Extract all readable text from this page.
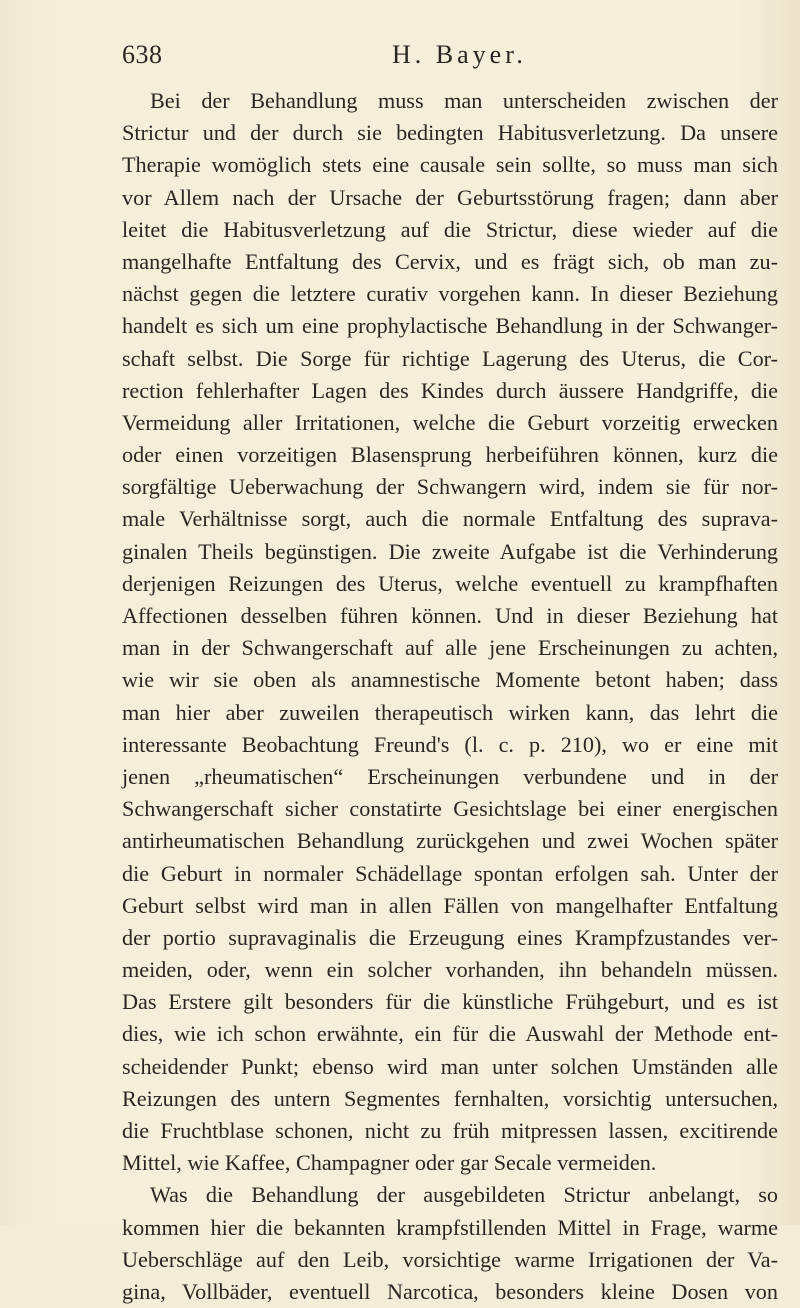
638	H. Bayer.
Bei der Behandlung muss man unterscheiden zwischen der
Strictur und der durch sie bedingten Habitusverletzung. Da unsere
Therapie womöglich stets eine causale sein sollte, so muss man sich
vor Allem nach der Ursache der Geburtsstörung fragen; dann aber
leitet die Habitusverletzung auf die Strictur, diese wieder auf die
mangelhafte Entfaltung des Cervix, und es frägt sich, ob man zu-
nächst gegen die letztere curativ vorgehen kann. In dieser Beziehung
handelt es sich um eine prophylactische Behandlung in der Schwanger-
schaft selbst. Die Sorge für richtige Lagerung des Uterus, die Cor-
rection fehlerhafter Lagen des Kindes durch äussere Handgriffe, die
Vermeidung aller Irritationen, welche die Geburt vorzeitig erwecken
oder einen vorzeitigen Blasensprung herbeiführen können, kurz die
sorgfältige Ueberwachung der Schwangern wird, indem sie für nor-
male Verhältnisse sorgt, auch die normale Entfaltung des suprava-
ginalen Theils begünstigen. Die zweite Aufgabe ist die Verhinderung
derjenigen Reizungen des Uterus, welche eventuell zu krampfhaften
Affectionen desselben führen können. Und in dieser Beziehung hat
man in der Schwangerschaft auf alle jene Erscheinungen zu achten,
wie wir sie oben als anamnestische Momente betont haben; dass
man hier aber zuweilen therapeutisch wirken kann, das lehrt die
interessante Beobachtung Freund's (l. c. p. 210), wo er eine mit
jenen „rheumatischen“ Erscheinungen verbundene und in der
Schwangerschaft sicher constatirte Gesichtslage bei einer energischen
antirheumatischen Behandlung zurückgehen und zwei Wochen später
die Geburt in normaler Schädellage spontan erfolgen sah. Unter der
Geburt selbst wird man in allen Fällen von mangelhafter Entfaltung
der portio supravaginalis die Erzeugung eines Krampfzustandes ver-
meiden, oder, wenn ein solcher vorhanden, ihn behandeln müssen.
Das Erstere gilt besonders für die künstliche Frühgeburt, und es ist
dies, wie ich schon erwähnte, ein für die Auswahl der Methode ent-
scheidender Punkt; ebenso wird man unter solchen Umständen alle
Reizungen des untern Segmentes fernhalten, vorsichtig untersuchen,
die Fruchtblase schonen, nicht zu früh mitpressen lassen, excitirende
Mittel, wie Kaffee, Champagner oder gar Secale vermeiden.
Was die Behandlung der ausgebildeten Strictur anbelangt, so
kommen hier die bekannten krampfstillenden Mittel in Frage, warme
Ueberschläge auf den Leib, vorsichtige warme Irrigationen der Va-
gina, Vollbäder, eventuell Narcotica, besonders kleine Dosen von
